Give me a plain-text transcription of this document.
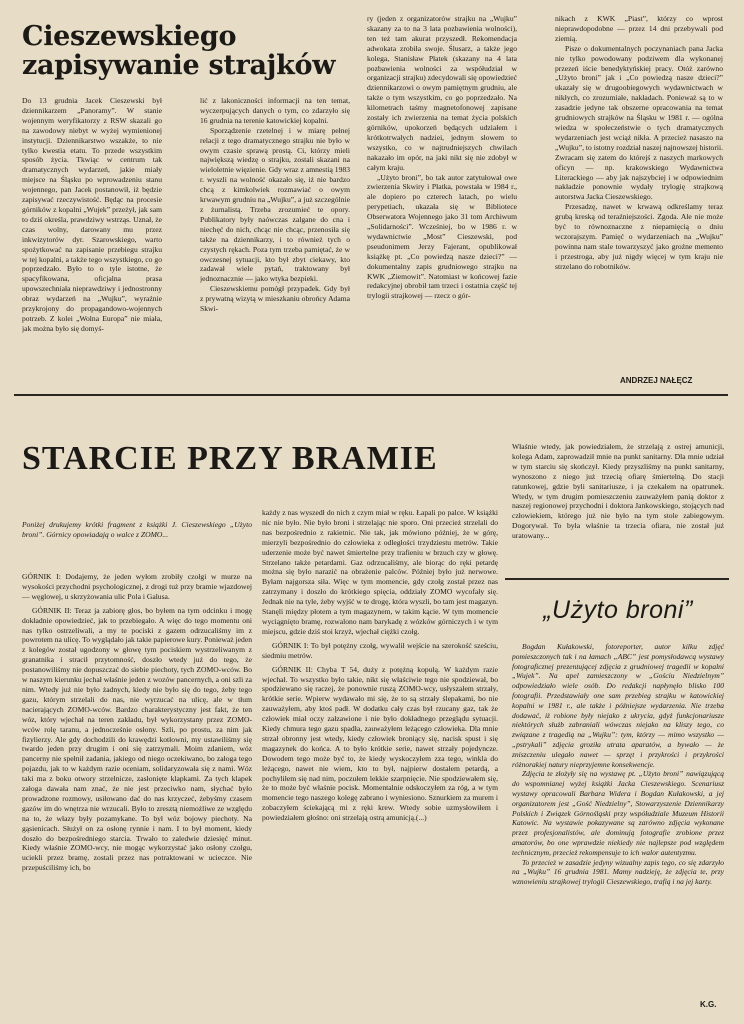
Cieszewskiego zapisywanie strajków

Do 13 grudnia Jacek Cieszewski był dziennikarzem „Panoramy”. W stanie wojennym weryfikatorzy z RSW skazali go na zawodowy niebyt w wyżej wymienionej instytucji. Dziennikarstwo wszakże, to nie tylko kwestia etatu. To przede wszystkim sposób życia. Tkwiąc w centrum tak dramatycznych wydarzeń, jakie miały miejsce na Śląsku po wprowadzeniu stanu wojennego, pan Jacek postanowił, iż będzie zapisywać rzeczywistość. Będąc na procesie górników z kopalni „Wujek” przeżył, jak sam to dziś określa, prawdziwy wstrząs. Uznał, że czas wolny, darowany mu przez inkwizytorów dyr. Szarowskiego, warto spożytkować na zapisanie przebiegu strajku w tej kopalni, a także tego wszystkiego, co go poprzedzało. Było to o tyle istotne, że spacyfikowana, oficjalna prasa upowszechniała nieprawdziwy i jednostronny obraz wydarzeń na „Wujku”, wyraźnie przykrojony do propagandowo-wojennych potrzeb. Z kolei „Wolna Europa” nie miała, jak można było się domyś-

lić z lakoniczności informacji na ten temat, wyczerpujących danych o tym, co zdarzyło się 16 grudnia na terenie katowickiej kopalni.

Sporządzenie rzetelnej i w miarę pełnej relacji z tego dramatycznego strajku nie było w owym czasie sprawą prostą. Ci, którzy mieli największą wiedzę o strajku, zostali skazani na wieloletnie więzienie. Gdy wraz z amnestią 1983 r. wyszli na wolność okazało się, iż nie bardzo chcą z kimkolwiek rozmawiać o owym krwawym grudniu na „Wujku”, a już szczególnie z żurnalistą. Trzeba zrozumieć te opory. Publikatory były naówczas zalgane do cna i niechęć do nich, chcąc nie chcąc, przenosiła się także na dziennikarzy, i to również tych o czystych rękach. Poza tym trzeba pamiętać, że w owczesnej sytuacji, kto był zbyt ciekawy, kto zadawał wiele pytań, traktowany był jednoznacznie — jako wtyka bezpieki.

Cieszewskiemu pomógł przypadek. Gdy był z prywatną wizytą w mieszkaniu obrońcy Adama Skwi-

ry (jeden z organizatorów strajku na „Wujku” skazany za to na 3 lata pozbawienia wolności), ten też tam akurat przyszedł. Rekomendacja adwokata zrobiła swoje. Ślusarz, a także jego kolega, Stanisław Płatek (skazany na 4 lata pozbawienia wolności za współudział w organizacji strajku) zdecydowali się opowiedzieć dziennikarzowi o owym pamiętnym grudniu, ale także o tym wszystkim, co go poprzedzało. Na kilometrach taśmy magnetofonowej zapisane zostały ich zwierzenia na temat życia polskich górników, upokorzeń będących udziałem i krótkotrwałych nadziei, jednym słowem to wszystko, co w najtrudniejszych chwilach nakazało im opór, na jaki nikt się nie zdobył w całym kraju.

„Użyto broni”, bo tak autor zatytułował owe zwierzenia Skwiry i Płatka, powstała w 1984 r., ale dopiero po czterech latach, po wielu perypetiach, ukazała się w Bibliotece Obserwatora Wojennego jako 31 tom Archiwum „Solidarności”. Wcześniej, bo w 1986 r. w wydawnictwie „Most” Cieszewski, pod pseudonimem Jerzy Fajerant, opublikował książkę pt. „Co powiedzą nasze dzieci?” — dokumentalny zapis grudniowego strajku na KWK „Ziemowit”. Natomiast w końcowej fazie redakcyjnej obrobił tam trzeci i ostatnia część tej trylogii strajkowej — rzecz o gór-

nikach z KWK „Piast”, którzy co wprost nieprawdopodobne — przez 14 dni przebywali pod ziemią.

Pisze o dokumentalnych poczynaniach pana Jacka nie tylko powodowany podziwem dla wykonanej przezeń iście benedyktyńskiej pracy. Otóż zarówno „Użyto broni” jak i „Co powiedzą nasze dzieci?” ukazały się w drugoobiegowych wydawnictwach w nikłych, co zrozumiałe, nakładach. Ponieważ są to w zasadzie jedyne tak obszerne opracowania na temat grudniowych strajków na Śląsku w 1981 r. — ogólna wiedza w społeczeństwie o tych dramatycznych wydarzeniach jest wciąż nikła. A przecież nasaszo na „Wujku”, to istotny rozdział naszej najnowszej historii. Zwracam się zatem do którejś z naszych markowych oficyn — np. krakowskiego Wydawnictwa Literackiego — aby jak najszybciej i w odpowiednim nakładzie ponownie wydały trylogię strajkową autorstwa Jacka Cieszewskiego.

Przesadzę, nawet w krwawą odkreślamy teraz grubą kreską od teraźniejszości. Zgoda. Ale nie może być to równoznaczne z niepamięcią o dniu wczorajszym. Pamięć o wydarzeniach na „Wujku” powinna nam stale towarzyszyć jako groźne memento i przestroga, aby już nigdy więcej w tym kraju nie strzelano do robotników.

ANDRZEJ NAŁĘCZ
STARCIE PRZY BRAMIE

Poniżej drukujemy krótki fragment z książki J. Cieszewskiego „Użyto broni”. Górnicy opowiadają o walce z ZOMO...

GÓRNIK I: Dodajemy, że jeden wyłom zrobiły czołgi w murze na wysokości przychodni psychologicznej, z drogi tuż przy bramie wjazdowej — węglowej, u skrzyżowania ulic Pola i Galusa.

GÓRNIK II: Teraz ja zabiorę głos, bo byłem na tym odcinku i mogę dokładnie opowiedzieć, jak to przebiegało. A więc do tego momentu oni nas tylko ostrzeliwali, a my te pociski z gazem odrzucaliśmy im z powrotem na ulicę. To wyglądało jak takie papierowe kury. Ponieważ jeden z kolegów został ugodzony w głowę tym pociskiem wystrzeliwanym z granatnika i stracił przytomność, doszło wtedy już do tego, że postanowiliśmy nie dopuszczać do siebie piechoty, tych ZOMO-wców. Bo w naszym kierunku jechał właśnie jeden z wozów pancernych, a oni szli za nim. Wtedy już nie było żadnych, kiedy nie było się do tego, żeby tego gazu, którym strzelali do nas, nie wyrzucać na ulicę, ale w tłum nacierających ZOMO-wców. Bardzo charakterystyczny jest fakt, że ten wóz, który wjechał na teren zakładu, był wykorzystany przez ZOMO-wców rolę taranu, a jednocześnie osłony. Szli, po prostu, za nim jak fizylierzy. Ale gdy dochodzili do krawędzi kotłowni, my ustawiliśmy się twardo jeden przy drugim i oni się zatrzymali. Moim zdaniem, wóz pancerny nie spełnił zadania, jakiego od niego oczekiwano, bo załoga tego pojazdu, jak to w każdym razie oceniam, solidaryzowała się z nami. Wóz taki ma z boku otwory strzelnicze, zasłonięte klapkami. Za tych klapek załoga dawała nam znać, że nie jest przeciwko nam, słychać było prowadzone rozmowy, usiłowano dać do nas krzyczeć, żebyśmy czasem gazów im do wnętrza nie wrzucali. Było to zresztą niemożliwe ze względu na to, że włazy były pozamykane. To był wóz bojowy piechoty. Na gąsienicach. Służył on za osłonę rynnie i nam. I to był moment, kiedy doszło do bezpośredniego starcia. Trwało to zaledwie dziesięć minut. Kiedy właśnie ZOMO-wcy, nie mogąc wykorzystać jako osłony czołgu, uciekli przez bramę, zostali przez nas potraktowani w ucieczce. Nie przepuściliśmy ich, bo

każdy z nas wyszedł do nich z czym miał w ręku. Łapali po palce. W książki nic nie było. Nie było broni i strzelając nie sporo. Oni przecież strzelali do nas bezpośrednio z rakietnic. Nie tak, jak mówiono później, że w górę, mierzyli bezpośrednio do człowieka z odległości trzydziestu metrów. Takie uderzenie może być nawet śmiertelne przy trafieniu w brzuch czy w głowę. Strzelano także petardami. Gaz odrzucaliśmy, ale biorąc do ręki petardę można się było narazić na obrażenie palców. Później było już nerwowe. Byłam najgorsza siła. Więc w tym momencie, gdy czołg został przez nas zatrzymany i doszło do krótkiego spięcia, oddziały ZOMO wycofały się. Jednak nie na tyle, żeby wyjść w te drogę, która wyszli, bo tam jest magazyn. Stanęli między płotem a tym magazynem, w takim kącie. W tym momencie wyciągnięto bramę, rozwalono nam barykadę z wózków górniczych i w tym miejscu, gdzie dziś stoi krzyż, wjechał ciężki czołg.

GÓRNIK I: To był potężny czołg, wywalił wejście na szerokość sześciu, siedmiu metrów.

GÓRNIK II: Chyba T 54, duży z potężną kopułą. W każdym razie wjechał. To wszystko było takie, nikt się właściwie tego nie spodziewał, bo spodziewano się raczej, że ponownie ruszą ZOMO-wcy, usłyszałem strzały, krótkie serie. Wpierw wydawało mi się, że to są strzały ślepakami, bo nie zauważyłem, aby ktoś padł. W dodatku cały czas był rzucany gaz, tak że człowiek miał oczy załzawione i nie było dokładnego przeglądu sytuacji. Kiedy chmura tego gazu spadła, zauważyłem leżącego człowieka. Dla mnie strzał obronny jest wtedy, kiedy człowiek broniący się, nacisk spust i się magazynek do końca. A to było krótkie serie, nawet strzały pojedyncze. Dowodem tego może być to, że kiedy wyskoczyłem zza tego, winkla do leżącego, nawet nie wiem, kto to był, najpierw dostałem petardą, a pochyliłem się nad nim, poczułem lekkie szarpnięcie. Nie spodziewałem się, że to może być właśnie pocisk. Momentalnie odskoczyłem za róg, a w tym momencie tego naszego kolegę zabrano i wyniesiono. Sznurkiem za murem i zobaczyłem ściekającą mi z ręki krew. Wtedy sobie uzmysłowiłem i powiedziałem głośno: oni strzelają ostrą amunicją.(...)

Właśnie wtedy, jak powiedziałem, że strzelają z ostrej amunicji, kolega Adam, zaprowadził mnie na punkt sanitarny. Dla mnie udział w tym starciu się skończył. Kiedy przyszliśmy na punkt sanitarny, wynoszono z niego już trzecią ofiarę śmiertelną. Do stacji ratunkowej, gdzie byli sanitariusze, i ja czekałem na opatrunek. Wtedy, w tym drugim pomieszczeniu zauważyłem panią doktor z naszej regionowej przychodni i doktora Jankowskiego, stojących nad człowiekiem, którego już nie było na tym stole zabiegowym. Dogorywał. To była właśnie ta trzecia ofiara, nie został już uratowany...

„Użyto broni”

Bogdan Kułakowski, fotoreporter, autor kilku zdjęć pomieszczonych tak i na łamach „ABC” jest pomysłodawcą wystawy fotograficznej prezentującej zdjęcia z grudniowej tragedii w kopalni „Wujek”. Na apel zamieszczony w „Gościu Niedzielnym” odpowiedziało wiele osób. Do redakcji napłynęło blisko 100 fotografii. Przedstawiały one sam przebieg strajku w katowickiej kopalni w 1981 r., ale także i późniejsze wydarzenia. Nie trzeba dodawać, iż robione były niejako z ukrycia, gdyż funkcjonariusze niektórych służb zabraniali wówczas niejako na kliszy tego, co związane z tragedią na „Wujku”: tym, którzy — mimo wszystko — „pstrykali” zdjęcia groziła utrata aparatów, a bywało — że zniszczeniu ulegało nawet — sprzęt i przykrości i przykrości różnorakiej natury nieprzyjemne konsekwencje.

Zdjęcia te złożyły się na wystawę pt. „Użyto broni” nawiązującą do wspomnianej wyżej książki Jacka Cieszewskiego. Scenariusz wystawy opracowali Barbara Widera i Bogdan Kułakowski, a jej organizatorem jest „Gość Niedzielny”, Stowarzyszenie Dziennikarzy Polskich i Związek Górnośląski przy współudziale Muzeum Historii Katowic. Na wystawie pokazywane są zarówno zdjęcia wykonane przez profesjonalistów, ale dominują fotografie zrobione przez amatorów, bo one wprawdzie niekiedy nie najlepsze pod względem technicznym, przecież rekompensuje to ich walor autentyzmu.

To przecież w zasadzie jedyny wizualny zapis tego, co się zdarzyło na „Wujku” 16 grudnia 1981. Mamy nadzieję, że zdjęcia te, przy wznowieniu strajkowej trylogii Cieszewskiego, trafią i na jej karty.

K.G.
